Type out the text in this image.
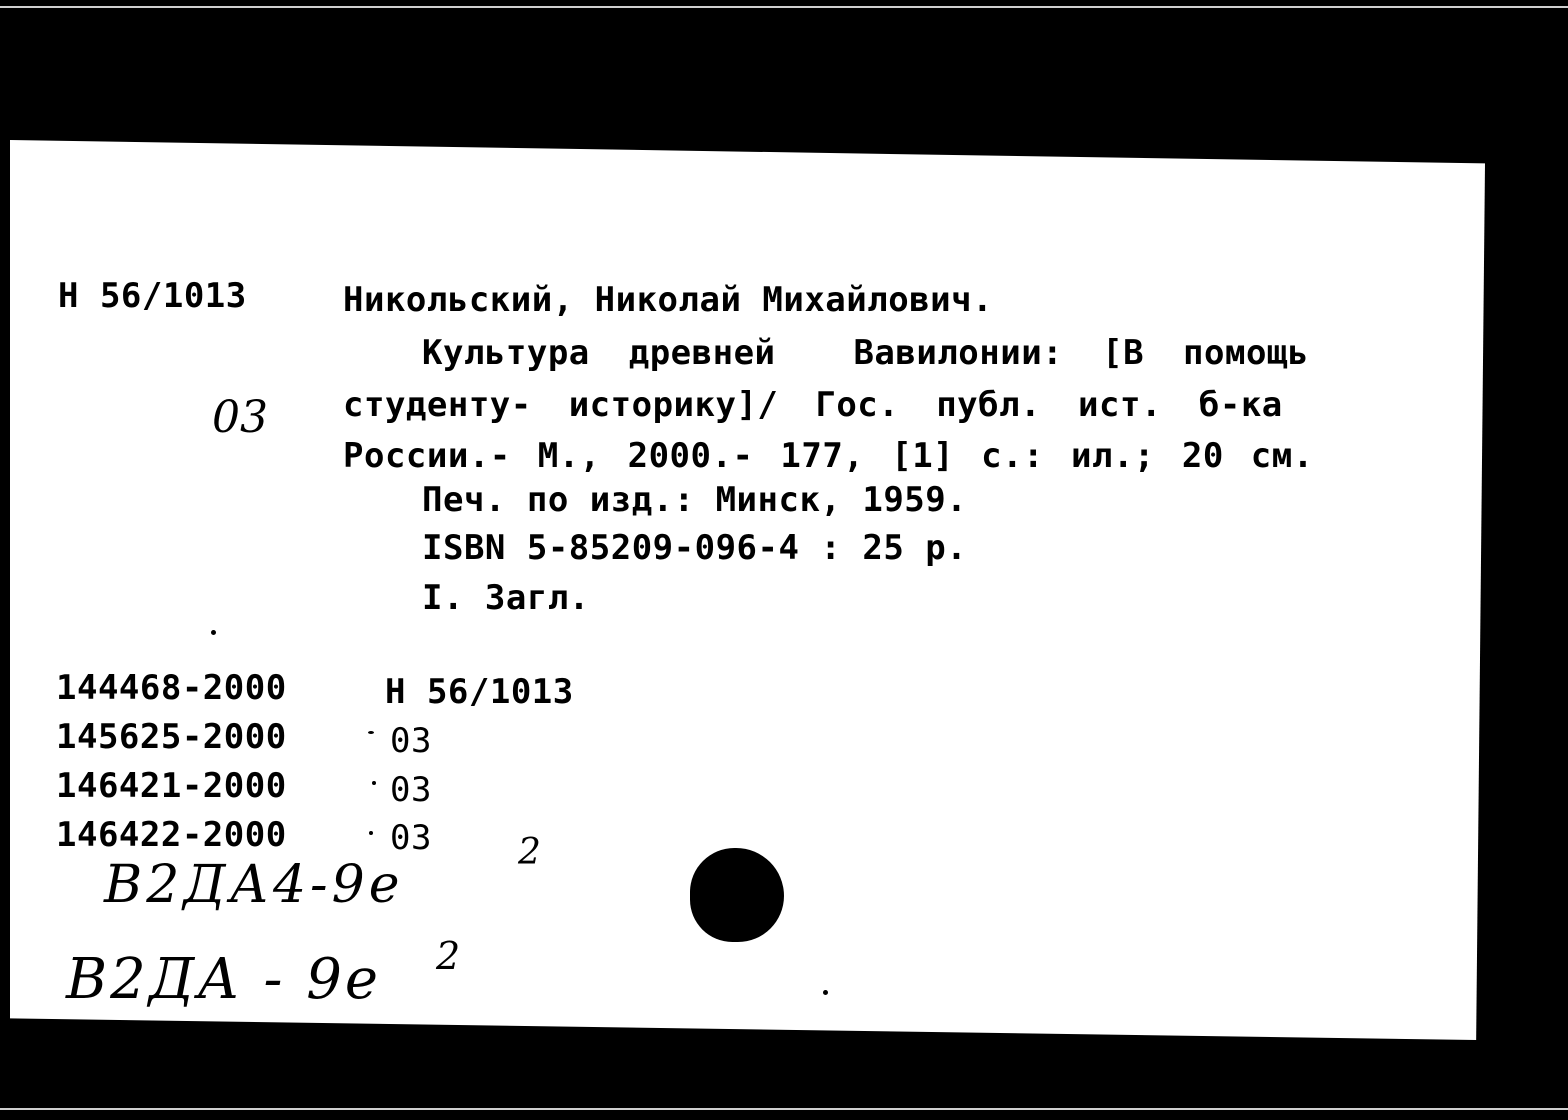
Н 56/1013	Никольский, Николай Михайлович.
Культура древней  Вавилонии: [В помощь
студенту- историку]/ Гос. публ. ист. б-ка
России.- М., 2000.- 177, [1] с.: ил.; 20 см.
03
Печ. по изд.: Минск, 1959.
ISBN 5-85209-096-4 : 25 р.
I. Загл.
144468-2000	Н 56/1013
145625-2000	03
146421-2000	03
146422-2000	03
В2ДА4-9е
2
В2ДА - 9е 2
